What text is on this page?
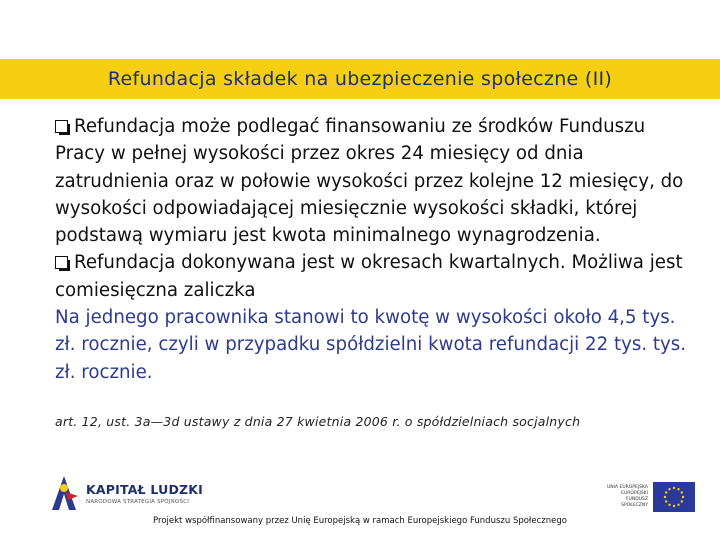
Refundacja składek na ubezpieczenie społeczne (II)
Refundacja może podlegać finansowaniu ze środków Funduszu Pracy w pełnej wysokości przez okres 24 miesięcy od dnia zatrudnienia oraz w połowie wysokości przez kolejne 12 miesięcy, do wysokości odpowiadającej miesięcznie wysokości składki, której podstawą wymiaru jest kwota minimalnego wynagrodzenia.
Refundacja dokonywana jest w okresach kwartalnych. Możliwa jest comiesięczna zaliczka
Na jednego pracownika stanowi to kwotę w wysokości około 4,5 tys. zł. rocznie, czyli w przypadku spółdzielni kwota refundacji 22 tys. tys. zł. rocznie.
art. 12, ust. 3a—3d ustawy z dnia 27 kwietnia 2006 r. o spółdzielniach socjalnych
KAPITAŁ LUDZKI
NARODOWA STRATEGIA SPÓJNOŚCI
UNIA EUROPEJSKA EUROPEJSKI FUNDUSZ SPOŁECZNY
Projekt współfinansowany przez Unię Europejską w ramach Europejskiego Funduszu Społecznego
